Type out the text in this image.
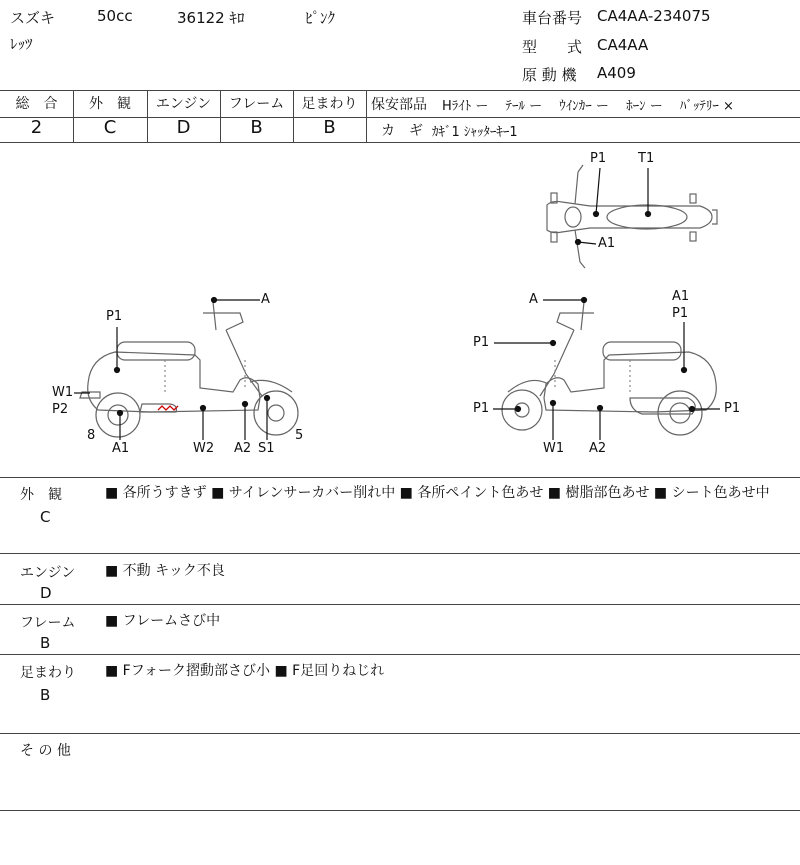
スズキ	50cc	36122 ｷﾛ	ﾋﾟﾝｸ
ﾚｯﾂ
車台番号 CA4AA-234075
型　　式 CA4AA
原 動 機 A409
総　合
2
外　観
C
エンジン
D
フレーム
B
足まわり
B
保安部品 Hﾗｲﾄ ー　 ﾃｰﾙ ー　 ｳｲﾝｶｰ ー　 ﾎｰﾝ ー　 ﾊﾞｯﾃﾘｰ ×
カ　ギ ｶｷﾞ1 ｼｬｯﾀｰｷｰ1
P1 T1
A1
A
P1
W1
P2
8
A1	W2 A2 S1
5
A	A1
P1
P1
P1	P1
W1 A2
外　観
C
■ 各所うすきず ■ サイレンサーカバー削れ中 ■ 各所ペイント色あせ ■ 樹脂部色あせ ■ シート色あせ中
エンジン
D
■ 不動 キック不良
フレーム
B
■ フレームさび中
足まわり
B
■ Fフォーク摺動部さび小 ■ F足回りねじれ
そ の 他
